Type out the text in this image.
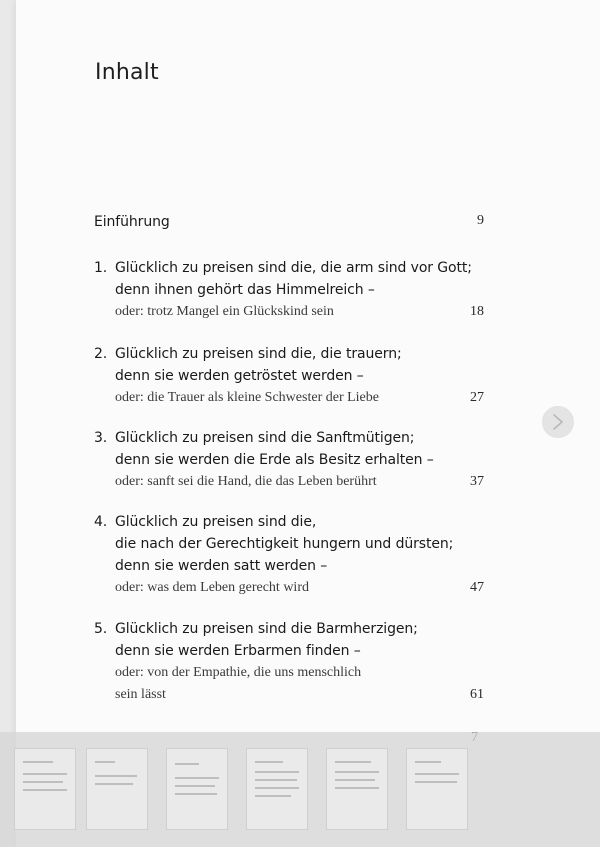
Inhalt
Einführung	9
1. Glücklich zu preisen sind die, die arm sind vor Gott;
denn ihnen gehört das Himmelreich –
oder: trotz Mangel ein Glückskind sein	18
2. Glücklich zu preisen sind die, die trauern;
denn sie werden getröstet werden –
oder: die Trauer als kleine Schwester der Liebe	27
3. Glücklich zu preisen sind die Sanftmütigen;
denn sie werden die Erde als Besitz erhalten –
oder: sanft sei die Hand, die das Leben berührt	37
4. Glücklich zu preisen sind die,
die nach der Gerechtigkeit hungern und dürsten;
denn sie werden satt werden –
oder: was dem Leben gerecht wird	47
5. Glücklich zu preisen sind die Barmherzigen;
denn sie werden Erbarmen finden –
oder: von der Empathie, die uns menschlich
sein lässt	61
